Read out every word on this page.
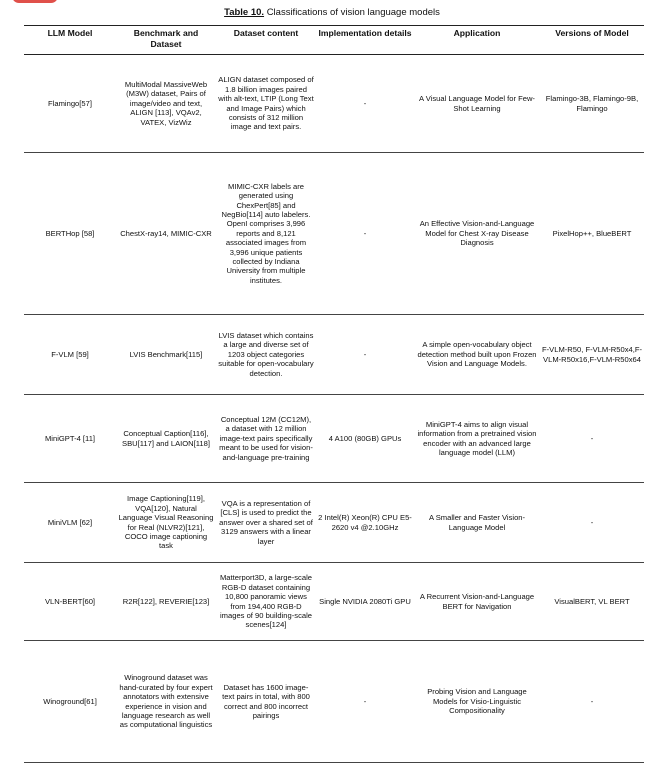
Table 10. Classifications of vision language models
LLM Model	Benchmark and Dataset	Dataset content	Implementation details	Application	Versions of Model
Flamingo[57]	MultiModal MassiveWeb (M3W) dataset, Pairs of image/video and text, ALIGN [113], VQAv2, VATEX, VizWiz	ALIGN dataset composed of 1.8 billion images paired with alt-text, LTIP (Long Text and Image Pairs) which consists of 312 million image and text pairs.	-	A Visual Language Model for Few-Shot Learning	Flamingo-3B, Flamingo-9B, Flamingo
BERTHop [58]	ChestX-ray14, MIMIC-CXR	MIMIC-CXR labels are generated using ChexPert[85] and NegBio[114] auto labelers. OpenI comprises 3,996 reports and 8,121 associated images from 3,996 unique patients collected by Indiana University from multiple institutes.	-	An Effective Vision-and-Language Model for Chest X-ray Disease Diagnosis	PixelHop++, BlueBERT
F-VLM [59]	LVIS Benchmark[115]	LVIS dataset which contains a large and diverse set of 1203 object categories suitable for open-vocabulary detection.	-	A simple open-vocabulary object detection method built upon Frozen Vision and Language Models.	F-VLM-R50, F-VLM-R50x4,F-VLM-R50x16,F-VLM-R50x64
MiniGPT-4 [11]	Conceptual Caption[116], SBU[117] and LAION[118]	Conceptual 12M (CC12M), a dataset with 12 million image-text pairs specifically meant to be used for vision-and-language pre-training	4 A100 (80GB) GPUs	MiniGPT-4 aims to align visual information from a pretrained vision encoder with an advanced large language model (LLM)	-
MiniVLM [62]	Image Captioning[119], VQA[120], Natural Language Visual Reasoning for Real (NLVR2)[121], COCO image captioning task	VQA is a representation of [CLS] is used to predict the answer over a shared set of 3129 answers with a linear layer	2 Intel(R) Xeon(R) CPU E5-2620 v4 @2.10GHz	A Smaller and Faster Vision-Language Model	-
VLN-BERT[60]	R2R[122], REVERIE[123]	Matterport3D, a large-scale RGB-D dataset containing 10,800 panoramic views from 194,400 RGB-D images of 90 building-scale scenes[124]	Single NVIDIA 2080Ti GPU	A Recurrent Vision-and-Language BERT for Navigation	VisualBERT, VL BERT
Winoground[61]	Winoground dataset was hand-curated by four expert annotators with extensive experience in vision and language research as well as computational linguistics	Dataset has 1600 image-text pairs in total, with 800 correct and 800 incorrect pairings	-	Probing Vision and Language Models for Visio-Linguistic Compositionality	-
